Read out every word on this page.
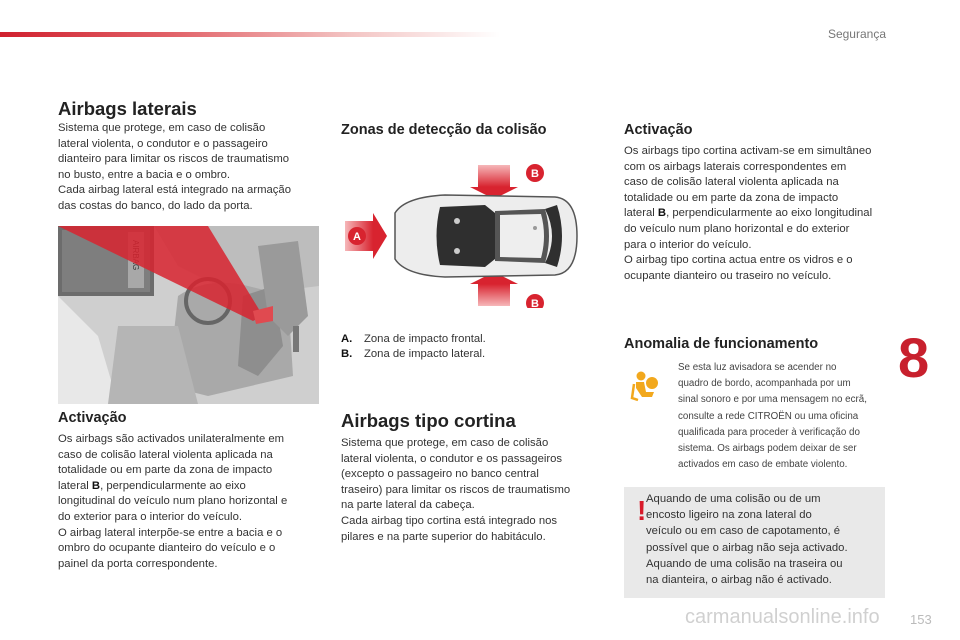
Segurança
8
Airbags laterais
Sistema que protege, em caso de colisão
lateral violenta, o condutor e o passageiro
dianteiro para limitar os riscos de traumatismo
no busto, entre a bacia e o ombro.
Cada airbag lateral está integrado na armação
das costas do banco, do lado da porta.
Activação
Os airbags são activados unilateralmente em
caso de colisão lateral violenta aplicada na
totalidade ou em parte da zona de impacto
lateral B, perpendicularmente ao eixo
longitudinal do veículo num plano horizontal e
do exterior para o interior do veículo.
O airbag lateral interpõe-se entre a bacia e o
ombro do ocupante dianteiro do veículo e o
painel da porta correspondente.
Zonas de detecção da colisão
B
B
A
A. Zona de impacto frontal.
B. Zona de impacto lateral.
Airbags tipo cortina
Sistema que protege, em caso de colisão
lateral violenta, o condutor e os passageiros
(excepto o passageiro no banco central
traseiro) para limitar os riscos de traumatismo
na parte lateral da cabeça.
Cada airbag tipo cortina está integrado nos
pilares e na parte superior do habitáculo.
Activação
Os airbags tipo cortina activam-se em simultâneo
com os airbags laterais correspondentes em
caso de colisão lateral violenta aplicada na
totalidade ou em parte da zona de impacto
lateral B, perpendicularmente ao eixo longitudinal
do veículo num plano horizontal e do exterior
para o interior do veículo.
O airbag tipo cortina actua entre os vidros e o
ocupante dianteiro ou traseiro no veículo.
Anomalia de funcionamento
Se esta luz avisadora se acender no
quadro de bordo, acompanhada por um
sinal sonoro e por uma mensagem no ecrã,
consulte a rede CITROËN ou uma oficina
qualificada para proceder à verificação do
sistema. Os airbags podem deixar de ser
activados em caso de embate violento.
! Aquando de uma colisão ou de um
encosto ligeiro na zona lateral do
veículo ou em caso de capotamento, é
possível que o airbag não seja activado.
Aquando de uma colisão na traseira ou
na dianteira, o airbag não é activado.
153
carmanualsonline.info
